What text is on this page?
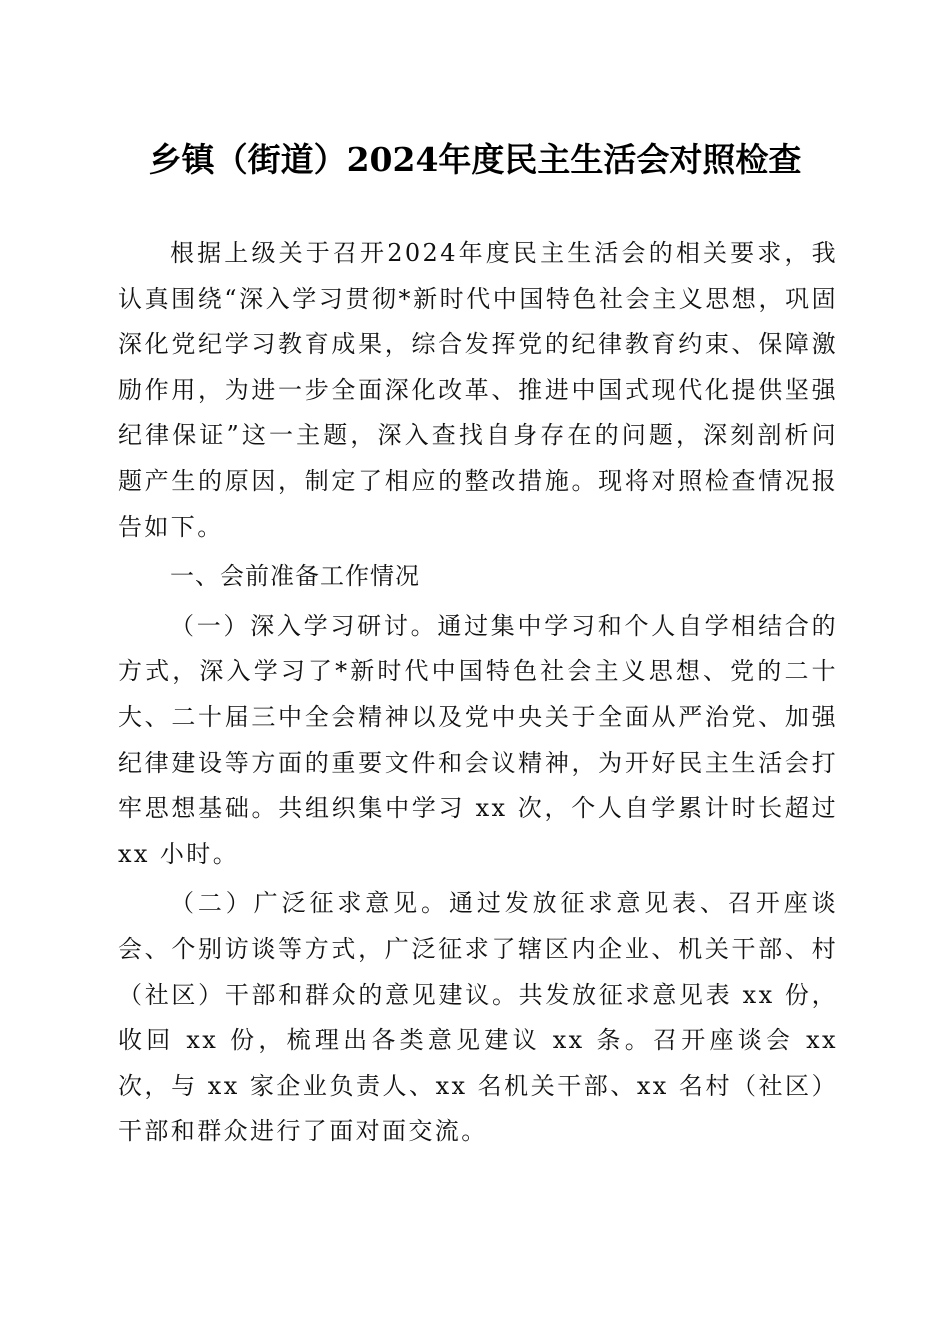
乡镇（街道）2024年度民主生活会对照检查

根据上级关于召开2024年度民主生活会的相关要求，我认真围绕“深入学习贯彻*新时代中国特色社会主义思想，巩固深化党纪学习教育成果，综合发挥党的纪律教育约束、保障激励作用，为进一步全面深化改革、推进中国式现代化提供坚强纪律保证”这一主题，深入查找自身存在的问题，深刻剖析问题产生的原因，制定了相应的整改措施。现将对照检查情况报告如下。

一、会前准备工作情况

（一）深入学习研讨。通过集中学习和个人自学相结合的方式，深入学习了*新时代中国特色社会主义思想、党的二十大、二十届三中全会精神以及党中央关于全面从严治党、加强纪律建设等方面的重要文件和会议精神，为开好民主生活会打牢思想基础。共组织集中学习 xx 次，个人自学累计时长超过 xx 小时。

（二）广泛征求意见。通过发放征求意见表、召开座谈会、个别访谈等方式，广泛征求了辖区内企业、机关干部、村（社区）干部和群众的意见建议。共发放征求意见表 xx 份，收回 xx 份，梳理出各类意见建议 xx 条。召开座谈会 xx 次，与 xx 家企业负责人、xx 名机关干部、xx 名村（社区）干部和群众进行了面对面交流。
